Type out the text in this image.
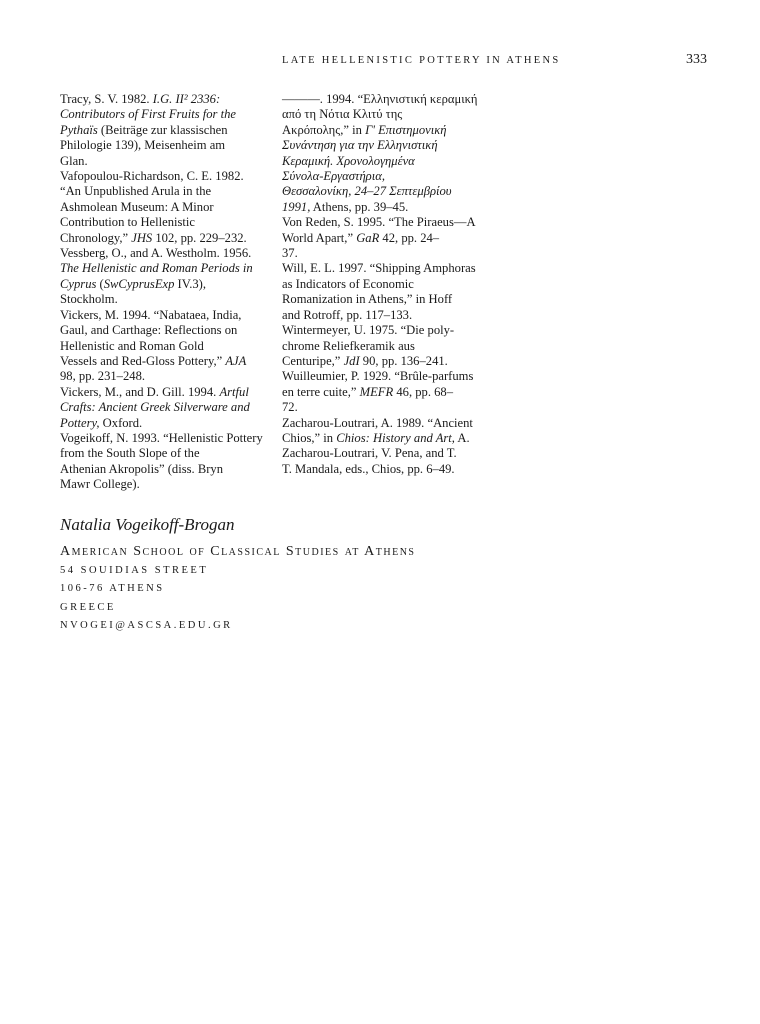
LATE HELLENISTIC POTTERY IN ATHENS	333

Tracy, S. V. 1982. I.G. II² 2336:
Contributors of First Fruits for the
Pythaïs (Beiträge zur klassischen
Philologie 139), Meisenheim am
Glan.

Vafopoulou-Richardson, C. E. 1982.
“An Unpublished Arula in the
Ashmolean Museum: A Minor
Contribution to Hellenistic
Chronology,” JHS 102, pp. 229–232.

Vessberg, O., and A. Westholm. 1956.
The Hellenistic and Roman Periods in
Cyprus (SwCyprusExp IV.3),
Stockholm.

Vickers, M. 1994. “Nabataea, India,
Gaul, and Carthage: Reflections on
Hellenistic and Roman Gold
Vessels and Red-Gloss Pottery,” AJA
98, pp. 231–248.

Vickers, M., and D. Gill. 1994. Artful
Crafts: Ancient Greek Silverware and
Pottery, Oxford.

Vogeikoff, N. 1993. “Hellenistic Pottery
from the South Slope of the
Athenian Akropolis” (diss. Bryn
Mawr College).

———. 1994. “Ελληνιστική κεραμική
από τη Νότια Κλιτύ της
Ακρόπολης,” in Γʹ Επιστημονική
Συνάντηση για την Ελληνιστική
Κεραμική. Χρονολογημένα
Σύνολα-Εργαστήρια,
Θεσσαλονίκη, 24–27 Σεπτεμβρίου
1991, Athens, pp. 39–45.

Von Reden, S. 1995. “The Piraeus—A
World Apart,” GaR 42, pp. 24–
37.

Will, E. L. 1997. “Shipping Amphoras
as Indicators of Economic
Romanization in Athens,” in Hoff
and Rotroff, pp. 117–133.

Wintermeyer, U. 1975. “Die poly-
chrome Reliefkeramik aus
Centuripe,” JdI 90, pp. 136–241.

Wuilleumier, P. 1929. “Brûle-parfums
en terre cuite,” MEFR 46, pp. 68–
72.

Zacharou-Loutrari, A. 1989. “Ancient
Chios,” in Chios: History and Art, A.
Zacharou-Loutrari, V. Pena, and T.
T. Mandala, eds., Chios, pp. 6–49.

Natalia Vogeikoff-Brogan
American School of Classical Studies at Athens
54 SOUIDIAS STREET
106-76 ATHENS
GREECE
NVOGEI@ASCSA.EDU.GR
